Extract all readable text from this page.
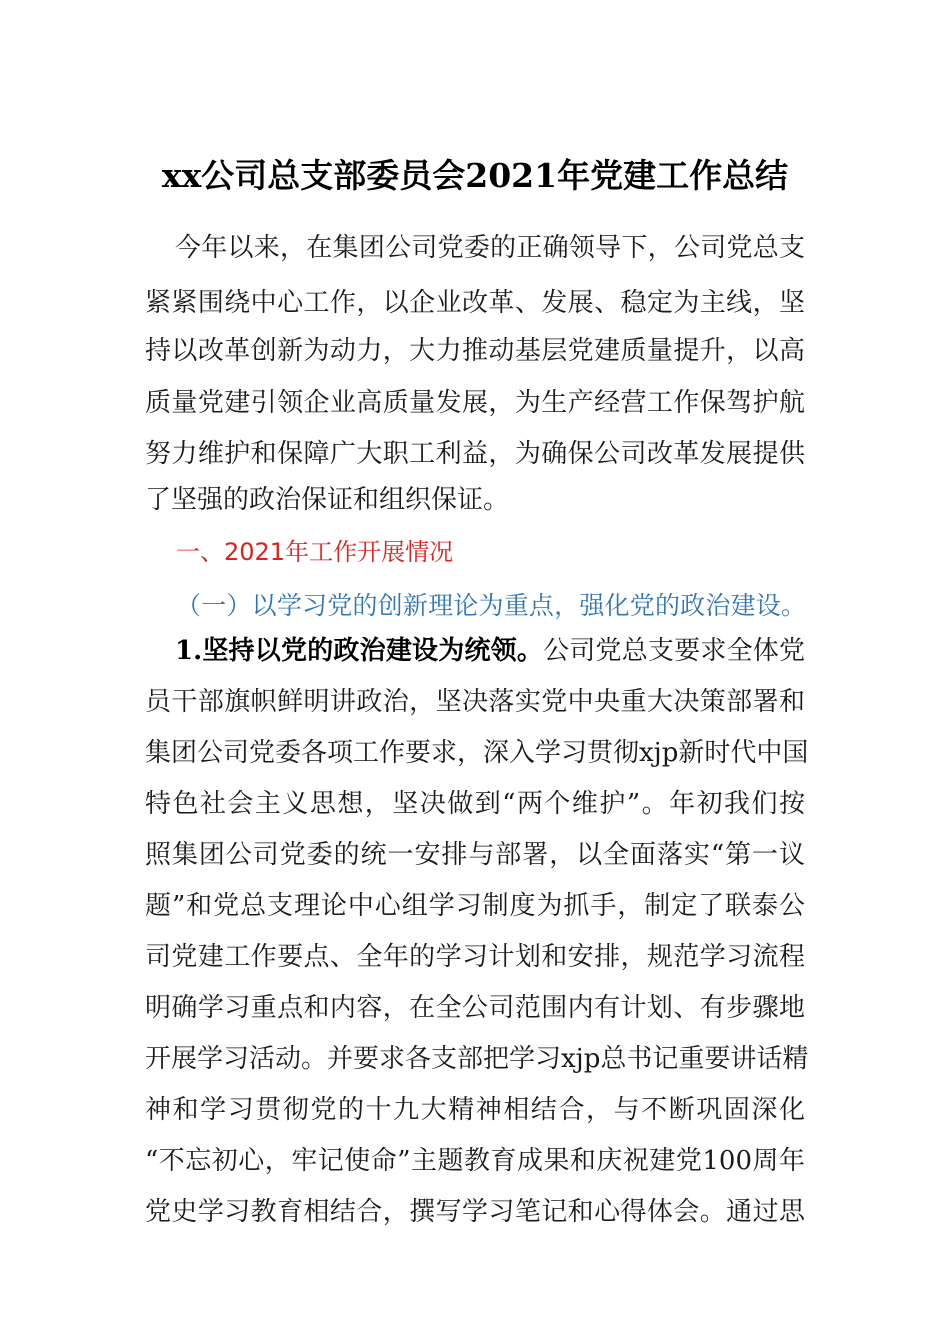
xx公司总支部委员会2021年党建工作总结
今年以来，在集团公司党委的正确领导下，公司党总支
紧紧围绕中心工作，以企业改革、发展、稳定为主线，坚
持以改革创新为动力，大力推动基层党建质量提升，以高
质量党建引领企业高质量发展，为生产经营工作保驾护航
努力维护和保障广大职工利益，为确保公司改革发展提供
了坚强的政治保证和组织保证。
一、2021年工作开展情况
（一）以学习党的创新理论为重点，强化党的政治建设。
1.坚持以党的政治建设为统领。公司党总支要求全体党
员干部旗帜鲜明讲政治，坚决落实党中央重大决策部署和
集团公司党委各项工作要求，深入学习贯彻xjp新时代中国
特色社会主义思想，坚决做到“两个维护”。年初我们按
照集团公司党委的统一安排与部署，以全面落实“第一议
题”和党总支理论中心组学习制度为抓手，制定了联泰公
司党建工作要点、全年的学习计划和安排，规范学习流程
明确学习重点和内容，在全公司范围内有计划、有步骤地
开展学习活动。并要求各支部把学习xjp总书记重要讲话精
神和学习贯彻党的十九大精神相结合，与不断巩固深化
“不忘初心，牢记使命”主题教育成果和庆祝建党100周年
党史学习教育相结合，撰写学习笔记和心得体会。通过思
